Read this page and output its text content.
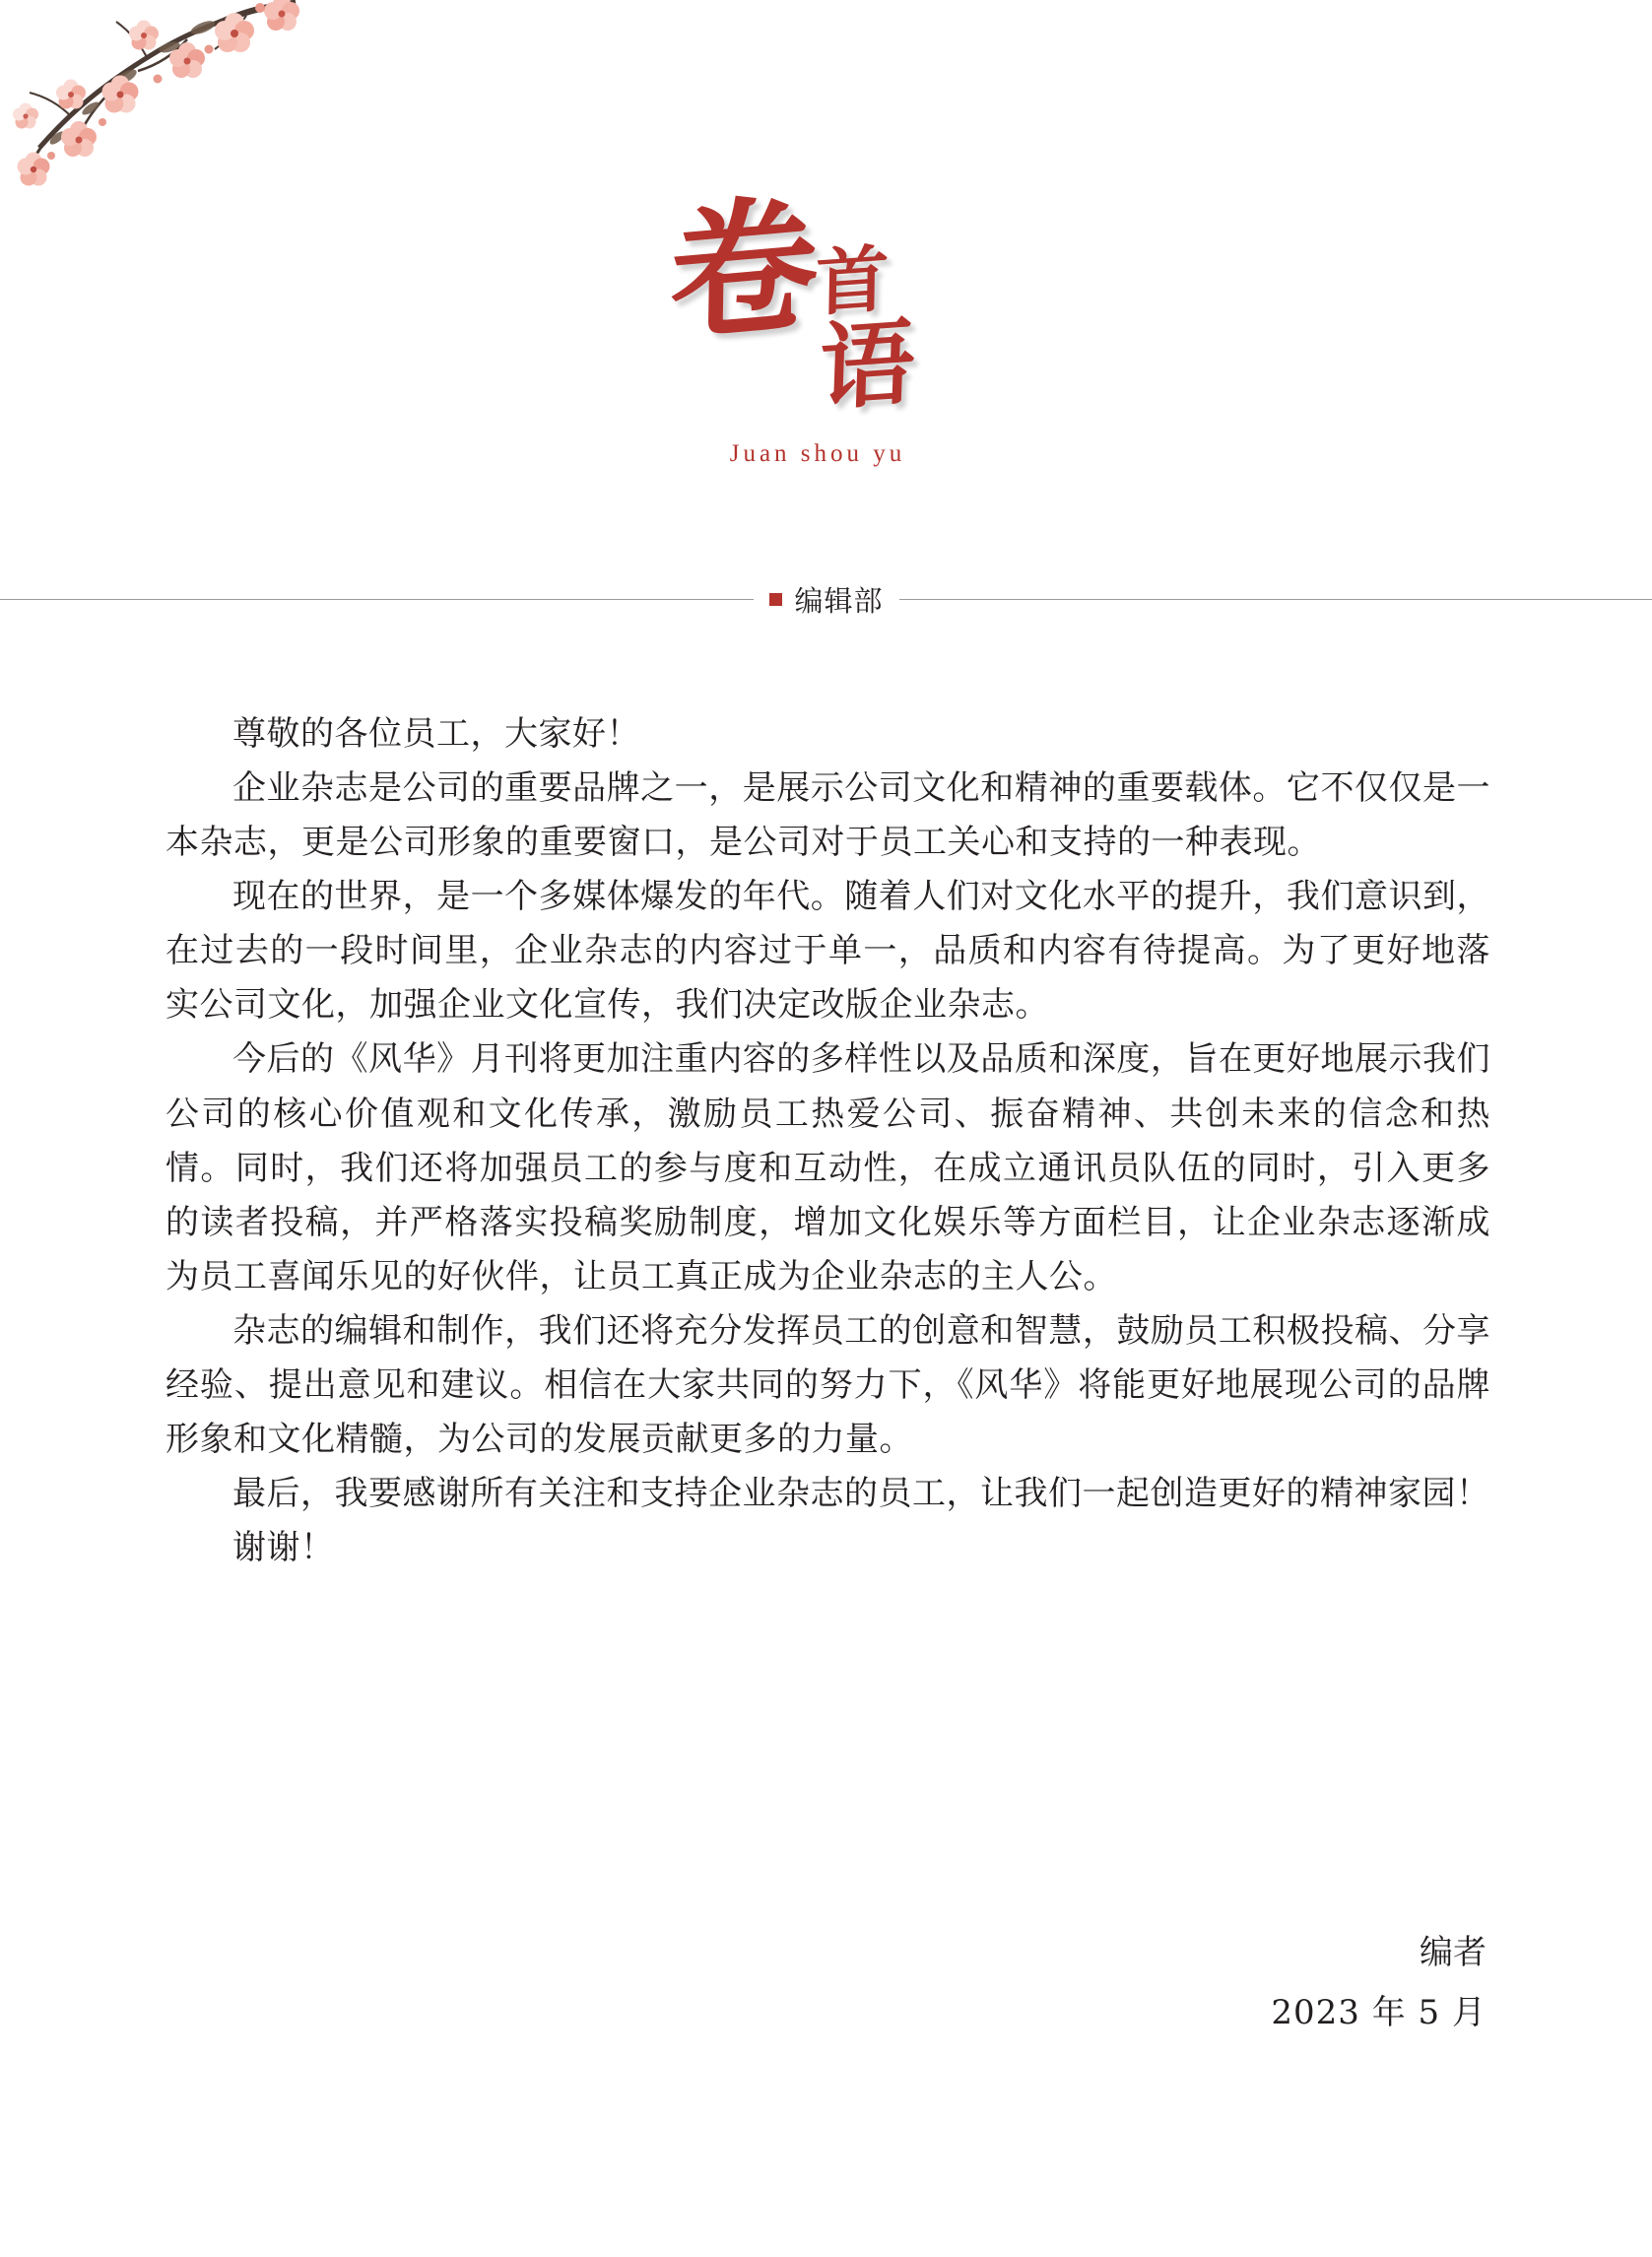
卷
首
语
Juan shou yu
编辑部

尊敬的各位员工，大家好！

企业杂志是公司的重要品牌之一，是展示公司文化和精神的重要载体。它不仅仅是一本杂志，更是公司形象的重要窗口，是公司对于员工关心和支持的一种表现。

现在的世界，是一个多媒体爆发的年代。随着人们对文化水平的提升，我们意识到，在过去的一段时间里，企业杂志的内容过于单一，品质和内容有待提高。为了更好地落实公司文化，加强企业文化宣传，我们决定改版企业杂志。

今后的《风华》月刊将更加注重内容的多样性以及品质和深度，旨在更好地展示我们公司的核心价值观和文化传承，激励员工热爱公司、振奋精神、共创未来的信念和热情。同时，我们还将加强员工的参与度和互动性，在成立通讯员队伍的同时，引入更多的读者投稿，并严格落实投稿奖励制度，增加文化娱乐等方面栏目，让企业杂志逐渐成为员工喜闻乐见的好伙伴，让员工真正成为企业杂志的主人公。

杂志的编辑和制作，我们还将充分发挥员工的创意和智慧，鼓励员工积极投稿、分享经验、提出意见和建议。相信在大家共同的努力下，《风华》将能更好地展现公司的品牌形象和文化精髓，为公司的发展贡献更多的力量。

最后，我要感谢所有关注和支持企业杂志的员工，让我们一起创造更好的精神家园！

谢谢！

编者
2023 年 5 月
